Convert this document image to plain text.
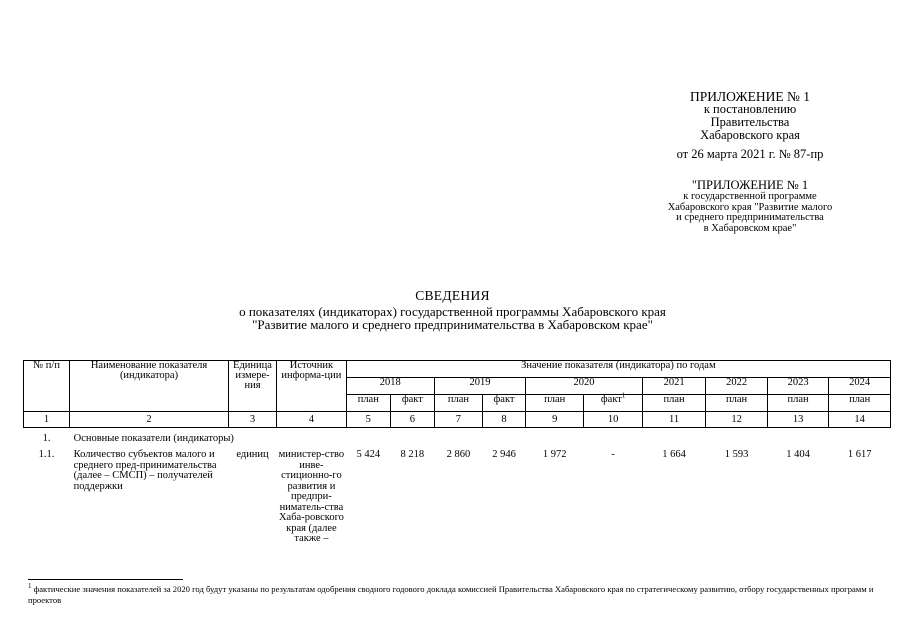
ПРИЛОЖЕНИЕ № 1
к постановлению
Правительства
Хабаровского края
от 26 марта 2021 г. № 87-пр
"ПРИЛОЖЕНИЕ № 1
к государственной программе
Хабаровского края "Развитие малого
и среднего предпринимательства
в Хабаровском крае"
СВЕДЕНИЯ
о показателях (индикаторах) государственной программы Хабаровского края
"Развитие малого и среднего предпринимательства в Хабаровском крае"
№ п/п	Наименование показателя (индикатора)	Единица измере-ния	Источник информа-ции	Значение показателя (индикатора) по годам									
				2018		2019		2020		2021	2022	2023	2024
				план	факт	план	факт	план	факт$^1$	план	план	план	план
1	2	3	4	5	6	7	8	9	10	11	12	13	14
1.	Основные показатели (индикаторы)												
1.1.	Количество субъектов малого и среднего пред-принимательства (далее – СМСП) – получателей поддержки	единиц	министер-ство инве-стиционно-го развития и предпри-ниматель-ства Хаба-ровского края (далее также –	5 424	8 218	2 860	2 946	1 972	-	1 664	1 593	1 404	1 617
$^1$ фактические значения показателей за 2020 год будут указаны по результатам одобрения сводного годового доклада комиссией Правительства Хабаровского края по стратегическому развитию, отбору государственных программ и проектов
